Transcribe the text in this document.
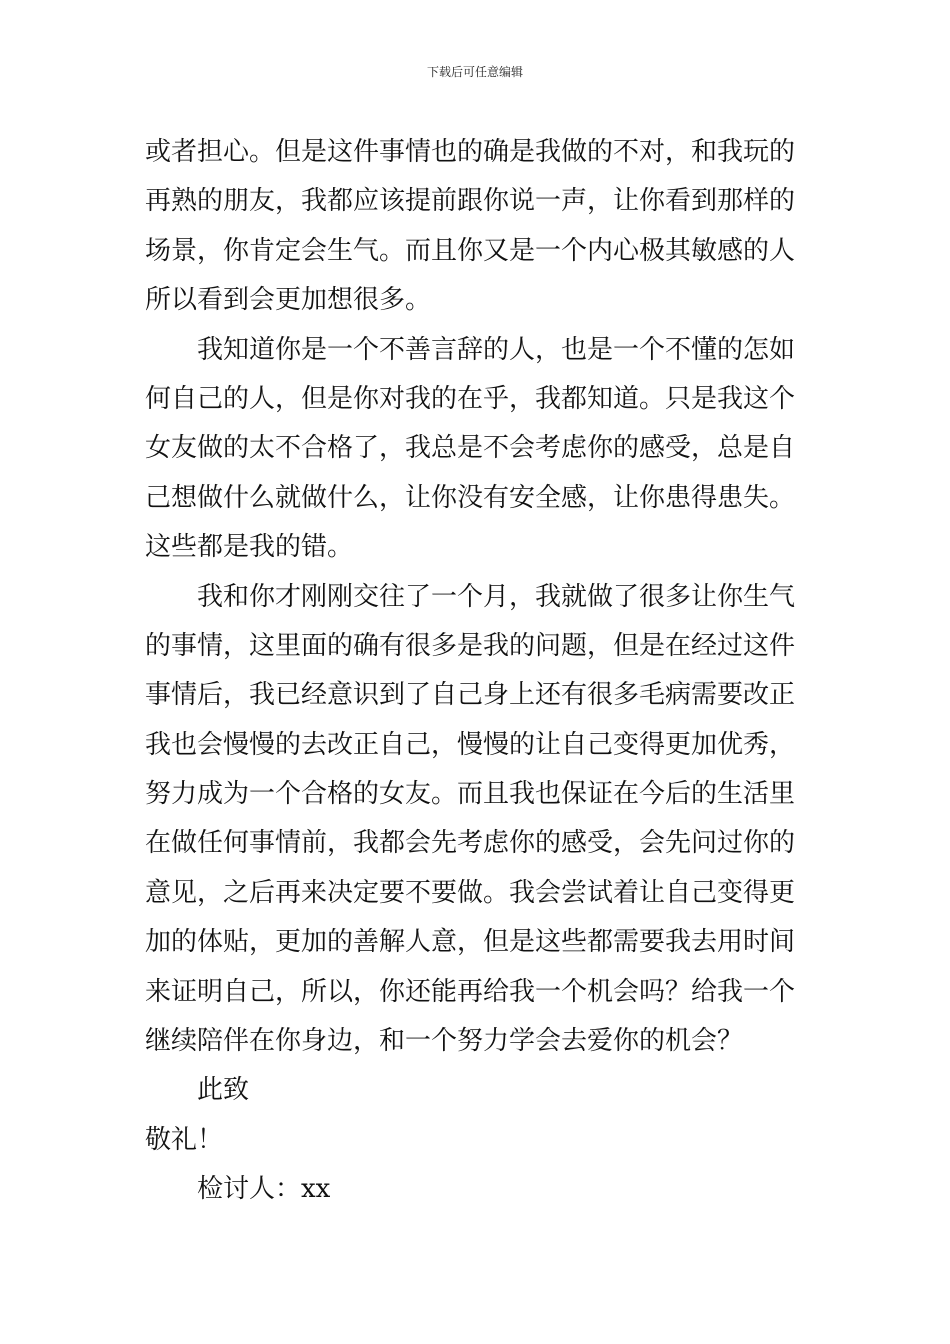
下载后可任意编辑
或者担心。但是这件事情也的确是我做的不对，和我玩的
再熟的朋友，我都应该提前跟你说一声，让你看到那样的
场景，你肯定会生气。而且你又是一个内心极其敏感的人
所以看到会更加想很多。
我知道你是一个不善言辞的人，也是一个不懂的怎如
何自己的人，但是你对我的在乎，我都知道。只是我这个
女友做的太不合格了，我总是不会考虑你的感受，总是自
己想做什么就做什么，让你没有安全感，让你患得患失。
这些都是我的错。
我和你才刚刚交往了一个月，我就做了很多让你生气
的事情，这里面的确有很多是我的问题，但是在经过这件
事情后，我已经意识到了自己身上还有很多毛病需要改正
我也会慢慢的去改正自己，慢慢的让自己变得更加优秀，
努力成为一个合格的女友。而且我也保证在今后的生活里
在做任何事情前，我都会先考虑你的感受，会先问过你的
意见，之后再来决定要不要做。我会尝试着让自己变得更
加的体贴，更加的善解人意，但是这些都需要我去用时间
来证明自己，所以，你还能再给我一个机会吗？给我一个
继续陪伴在你身边，和一个努力学会去爱你的机会？
此致
敬礼！
检讨人：xx
